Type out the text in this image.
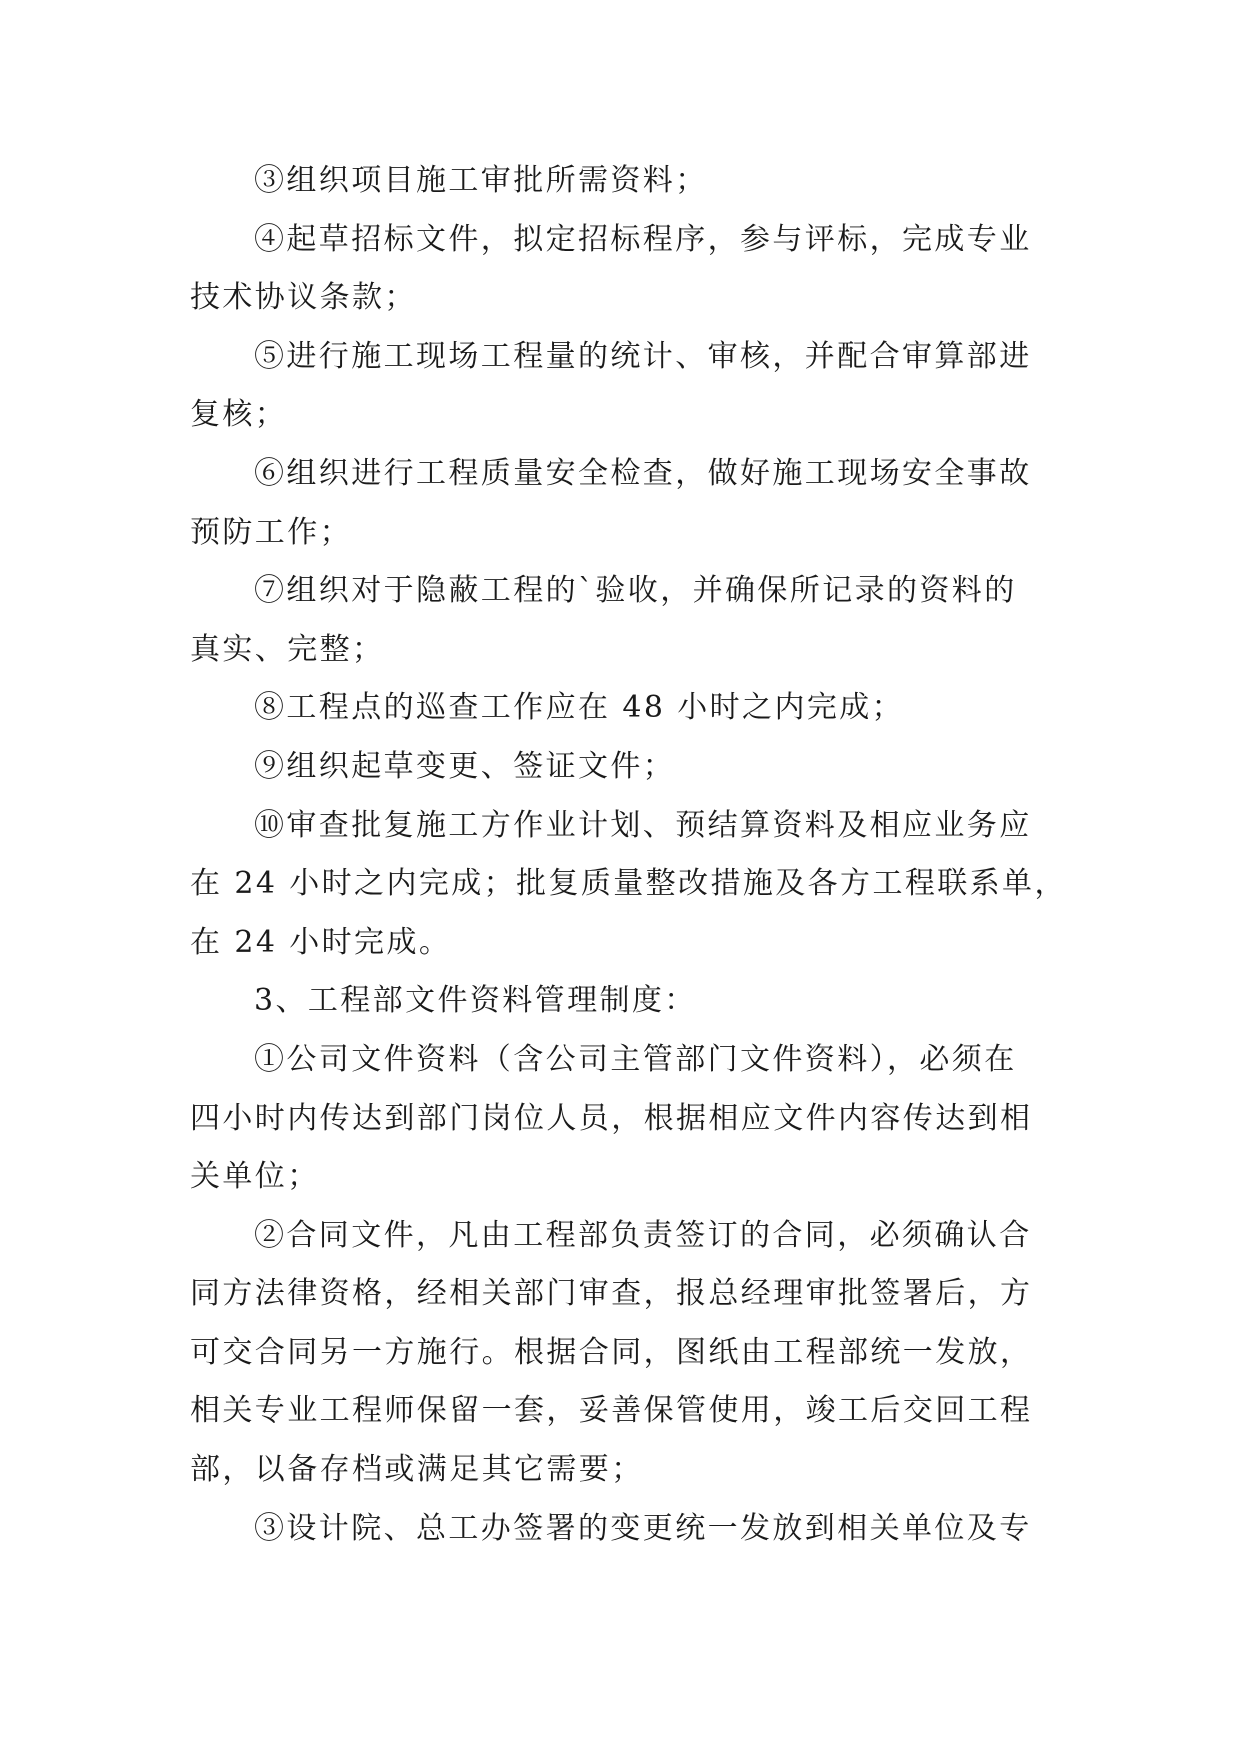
③组织项目施工审批所需资料；
④起草招标文件，拟定招标程序，参与评标，完成专业
技术协议条款；
⑤进行施工现场工程量的统计、审核，并配合审算部进
复核；
⑥组织进行工程质量安全检查，做好施工现场安全事故
预防工作；
⑦组织对于隐蔽工程的`验收，并确保所记录的资料的
真实、完整；
⑧工程点的巡查工作应在 48 小时之内完成；
⑨组织起草变更、签证文件；
⑩审查批复施工方作业计划、预结算资料及相应业务应
在 24 小时之内完成；批复质量整改措施及各方工程联系单，
在 24 小时完成。
3、工程部文件资料管理制度：
①公司文件资料（含公司主管部门文件资料），必须在
四小时内传达到部门岗位人员，根据相应文件内容传达到相
关单位；
②合同文件，凡由工程部负责签订的合同，必须确认合
同方法律资格，经相关部门审查，报总经理审批签署后，方
可交合同另一方施行。根据合同，图纸由工程部统一发放，
相关专业工程师保留一套，妥善保管使用，竣工后交回工程
部，以备存档或满足其它需要；
③设计院、总工办签署的变更统一发放到相关单位及专
